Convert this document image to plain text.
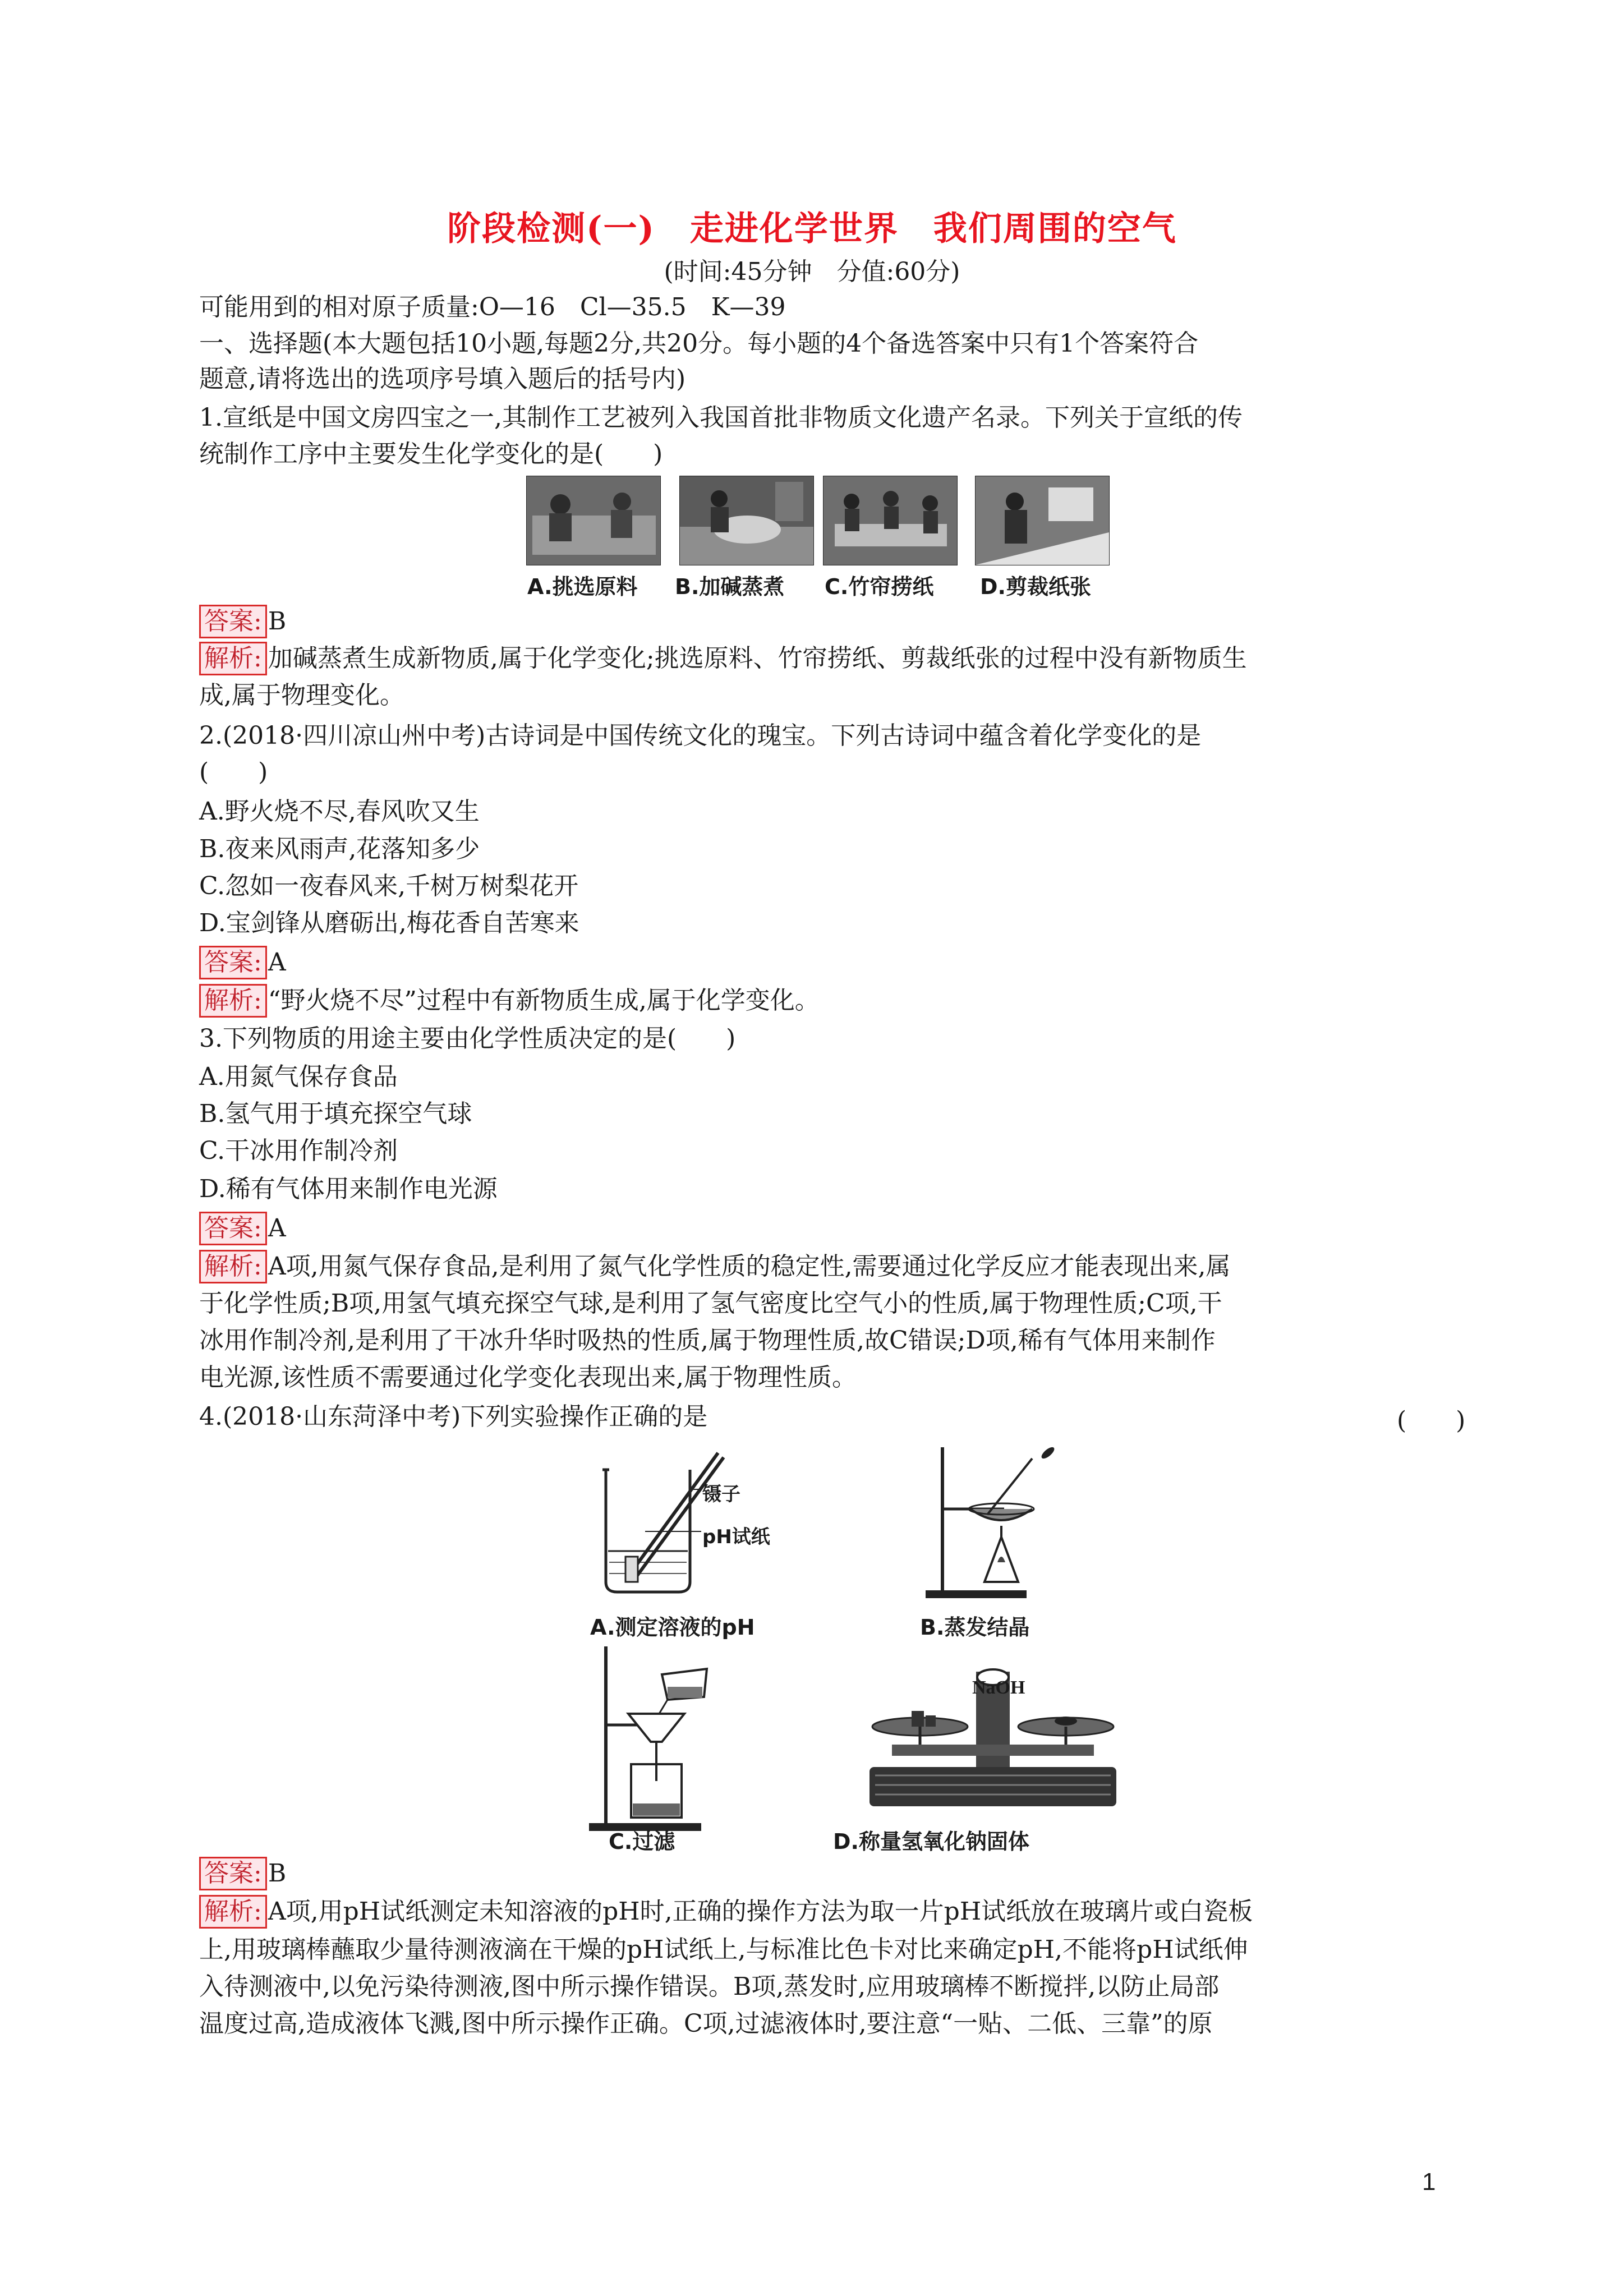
阶段检测(一)　走进化学世界　我们周围的空气
(时间:45分钟　分值:60分)
可能用到的相对原子质量:O—16　Cl—35.5　K—39
一、选择题(本大题包括10小题,每题2分,共20分。每小题的4个备选答案中只有1个答案符合
题意,请将选出的选项序号填入题后的括号内)
1.宣纸是中国文房四宝之一,其制作工艺被列入我国首批非物质文化遗产名录。下列关于宣纸的传
统制作工序中主要发生化学变化的是(　　)
A.挑选原料 B.加碱蒸煮 C.竹帘捞纸 D.剪裁纸张
答案: B
解析: 加碱蒸煮生成新物质,属于化学变化;挑选原料、竹帘捞纸、剪裁纸张的过程中没有新物质生
成,属于物理变化。
2.(2018·四川凉山州中考)古诗词是中国传统文化的瑰宝。下列古诗词中蕴含着化学变化的是
(　　)
A.野火烧不尽,春风吹又生
B.夜来风雨声,花落知多少
C.忽如一夜春风来,千树万树梨花开
D.宝剑锋从磨砺出,梅花香自苦寒来
答案: A
解析: “野火烧不尽”过程中有新物质生成,属于化学变化。
3.下列物质的用途主要由化学性质决定的是(　　)
A.用氮气保存食品
B.氢气用于填充探空气球
C.干冰用作制冷剂
D.稀有气体用来制作电光源
答案: A
解析: A项,用氮气保存食品,是利用了氮气化学性质的稳定性,需要通过化学反应才能表现出来,属
于化学性质;B项,用氢气填充探空气球,是利用了氢气密度比空气小的性质,属于物理性质;C项,干
冰用作制冷剂,是利用了干冰升华时吸热的性质,属于物理性质,故C错误;D项,稀有气体用来制作
电光源,该性质不需要通过化学变化表现出来,属于物理性质。
4.(2018·山东菏泽中考)下列实验操作正确的是	(　　)
镊子
pH试纸
A.测定溶液的pH	B.蒸发结晶
C.过滤
NaOH
D.称量氢氧化钠固体
答案: B
解析: A项,用pH试纸测定未知溶液的pH时,正确的操作方法为取一片pH试纸放在玻璃片或白瓷板
上,用玻璃棒蘸取少量待测液滴在干燥的pH试纸上,与标准比色卡对比来确定pH,不能将pH试纸伸
入待测液中,以免污染待测液,图中所示操作错误。B项,蒸发时,应用玻璃棒不断搅拌,以防止局部
温度过高,造成液体飞溅,图中所示操作正确。C项,过滤液体时,要注意“一贴、二低、三靠”的原
1
